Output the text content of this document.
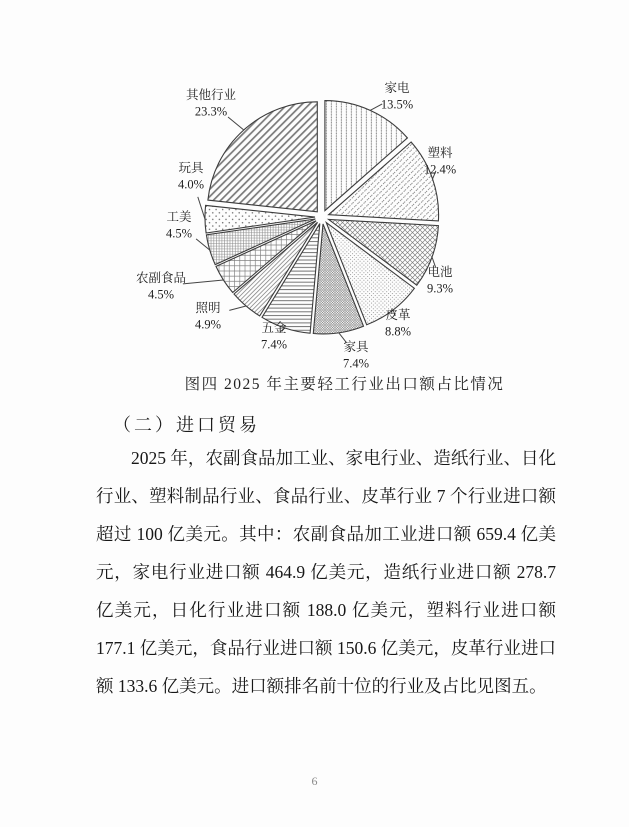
家电
13.5%
塑料
12.4%
电池
9.3%
皮革
8.8%
家具
7.4%
五金
7.4%
照明
4.9%
农副食品
4.5%
工美
4.5%
玩具
4.0%
其他行业
23.3%
图四 2025 年主要轻工行业出口额占比情况
（二）进口贸易

2025 年，农副食品加工业、家电行业、造纸行业、日化行业、塑料制品行业、食品行业、皮革行业 7 个行业进口额超过 100 亿美元。其中：农副食品加工业进口额 659.4 亿美元，家电行业进口额 464.9 亿美元，造纸行业进口额 278.7 亿美元，日化行业进口额 188.0 亿美元，塑料行业进口额 177.1 亿美元，食品行业进口额 150.6 亿美元，皮革行业进口额 133.6 亿美元。进口额排名前十位的行业及占比见图五。

6
